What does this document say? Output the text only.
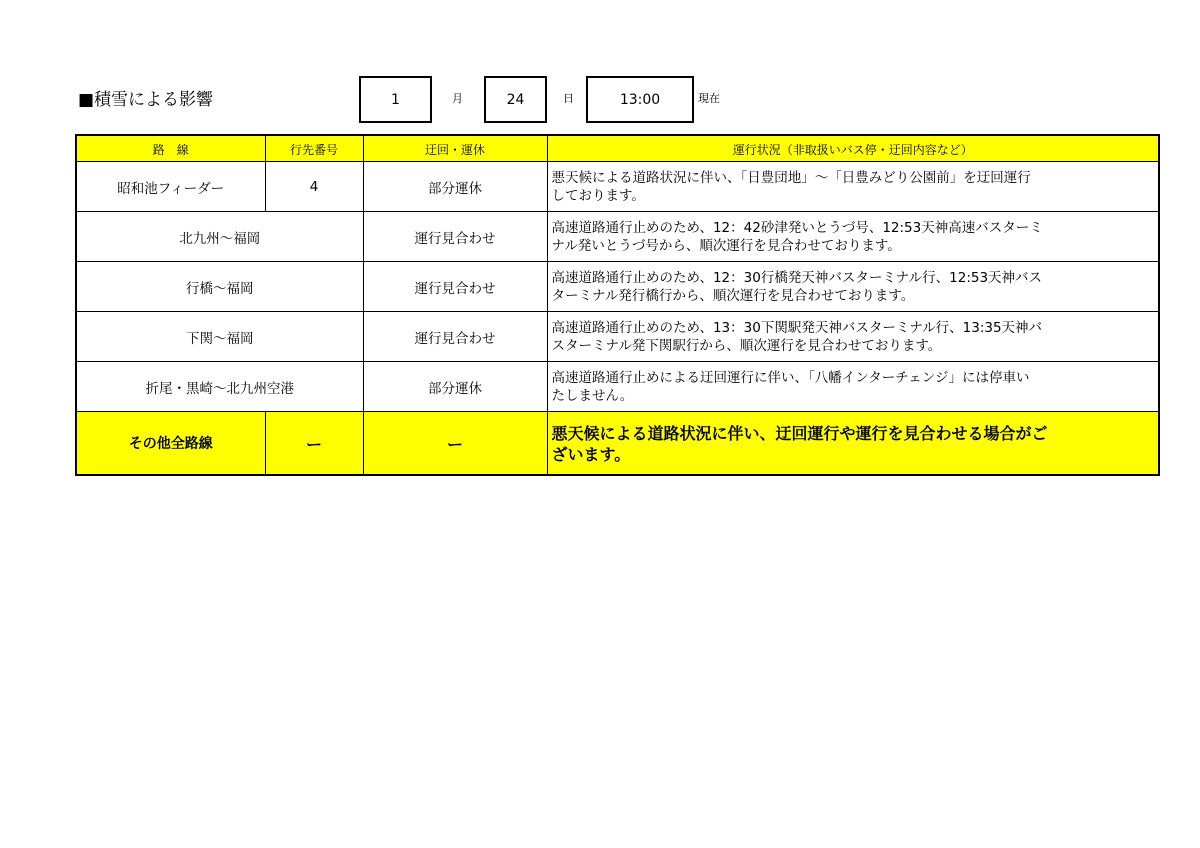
■積雪による影響	1	月	24	日	13:00	現在
路　線	行先番号	迂回・運休	運行状況（非取扱いバス停・迂回内容など）
昭和池フィーダー	4	部分運休	悪天候による道路状況に伴い、「日豊団地」～「日豊みどり公園前」を迂回運行
しております。

北九州～福岡		運行見合わせ	高速道路通行止めのため、12：42砂津発いとうづ号、12:53天神高速バスターミ
ナル発いとうづ号から、順次運行を見合わせております。

行橋～福岡		運行見合わせ	高速道路通行止めのため、12：30行橋発天神バスターミナル行、12:53天神バス
ターミナル発行橋行から、順次運行を見合わせております。

下関～福岡		運行見合わせ	高速道路通行止めのため、13：30下関駅発天神バスターミナル行、13:35天神バ
スターミナル発下関駅行から、順次運行を見合わせております。

折尾・黒崎～北九州空港		部分運休	高速道路通行止めによる迂回運行に伴い、「八幡インターチェンジ」には停車い
たしません。

その他全路線	ー	ー	悪天候による道路状況に伴い、迂回運行や運行を見合わせる場合がご
ざいます。
